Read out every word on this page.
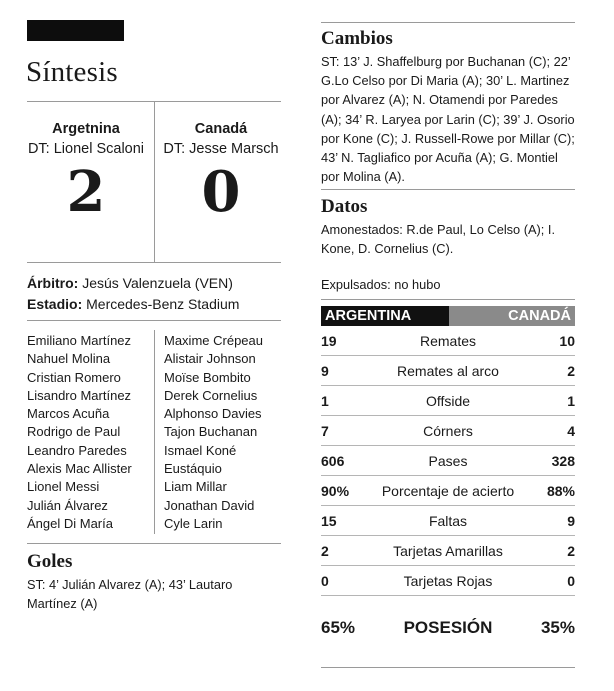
Síntesis
Argetnina
DT: Lionel Scaloni
2
Canadá
DT: Jesse Marsch
0
Árbitro: Jesús Valenzuela (VEN)
Estadio: Mercedes-Benz Stadium
Emiliano Martínez
Nahuel Molina
Cristian Romero
Lisandro Martínez
Marcos Acuña
Rodrigo de Paul
Leandro Paredes
Alexis Mac Allister
Lionel Messi
Julián Álvarez
Ángel Di María
Maxime Crépeau
Alistair Johnson
Moïse Bombito
Derek Cornelius
Alphonso Davies
Tajon Buchanan
Ismael Koné
Eustáquio
Liam Millar
Jonathan David
Cyle Larin
Goles
ST: 4’ Julián Alvarez (A); 43’ Lautaro Martínez (A)
Cambios
ST: 13’ J. Shaffelburg por Buchanan (C); 22’ G.Lo Celso por Di Maria (A); 30’ L. Martinez por Alvarez (A); N. Otamendi por Paredes (A); 34’ R. Laryea por Larin (C); 39’ J. Osorio por Kone (C); J. Russell-Rowe por Millar (C); 43’ N. Tagliafico por Acuña (A); G. Montiel por Molina (A).
Datos
Amonestados: R.de Paul, Lo Celso (A); I. Kone, D. Cornelius (C).
Expulsados: no hubo
ARGENTINA	CANADÁ
19	Remates	10
9	Remates al arco	2
1	Offside	1
7	Córners	4
606	Pases	328
90%	Porcentaje de acierto	88%
15	Faltas	9
2	Tarjetas Amarillas	2
0	Tarjetas Rojas	0
65%	POSESIÓN	35%
